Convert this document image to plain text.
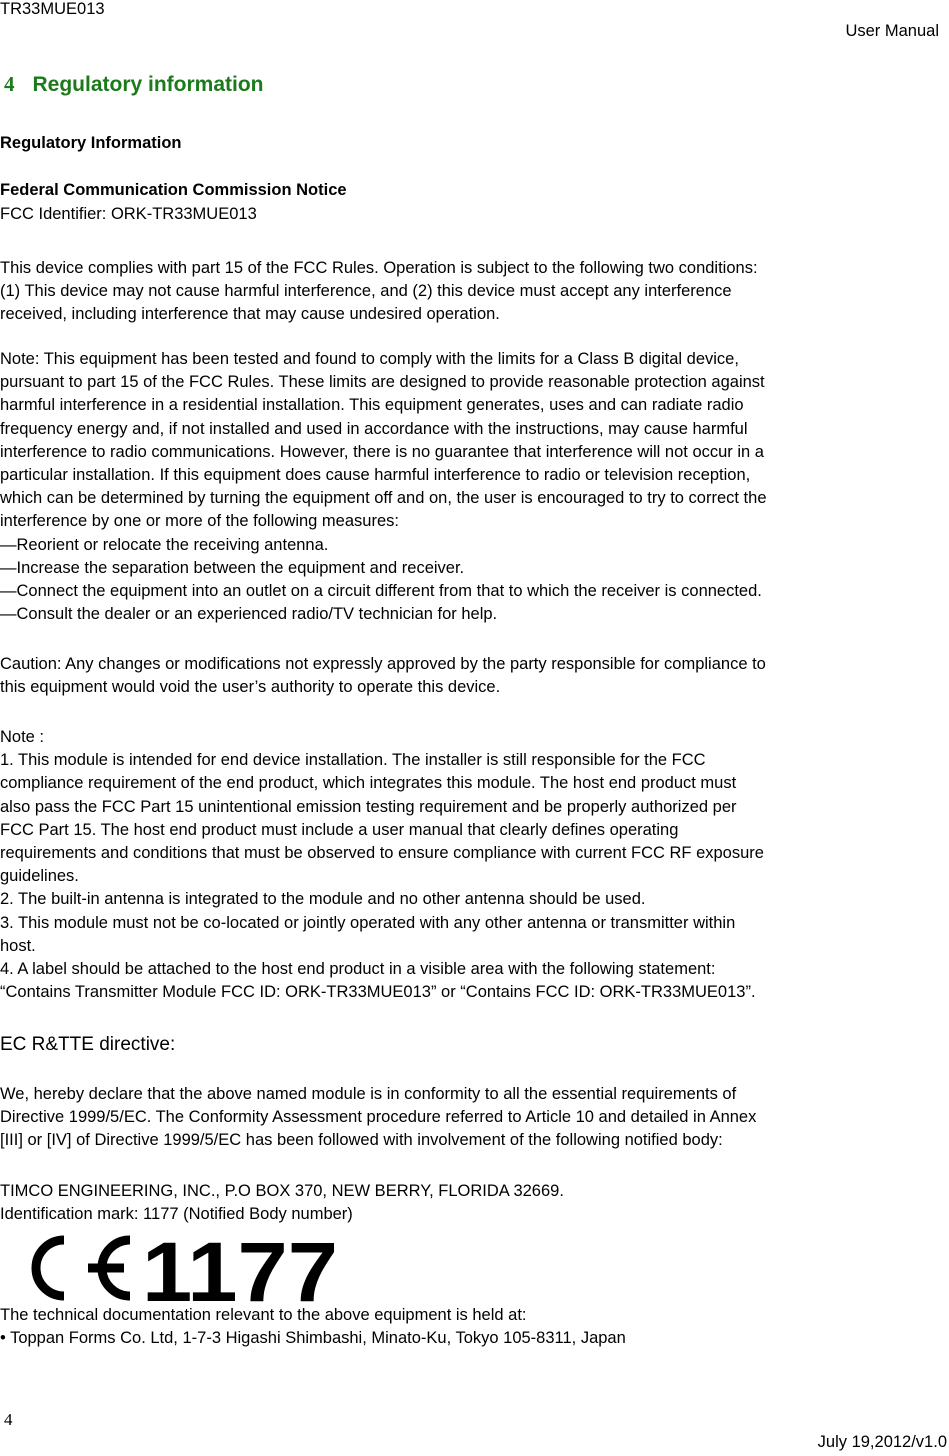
TR33MUE013
User Manual
4 Regulatory information
Regulatory Information
Federal Communication Commission Notice
FCC Identifier: ORK-TR33MUE013
This device complies with part 15 of the FCC Rules. Operation is subject to the following two conditions:
(1) This device may not cause harmful interference, and (2) this device must accept any interference
received, including interference that may cause undesired operation.
Note: This equipment has been tested and found to comply with the limits for a Class B digital device,
pursuant to part 15 of the FCC Rules. These limits are designed to provide reasonable protection against
harmful interference in a residential installation. This equipment generates, uses and can radiate radio
frequency energy and, if not installed and used in accordance with the instructions, may cause harmful
interference to radio communications. However, there is no guarantee that interference will not occur in a
particular installation. If this equipment does cause harmful interference to radio or television reception,
which can be determined by turning the equipment off and on, the user is encouraged to try to correct the
interference by one or more of the following measures:
—Reorient or relocate the receiving antenna.
—Increase the separation between the equipment and receiver.
—Connect the equipment into an outlet on a circuit different from that to which the receiver is connected.
—Consult the dealer or an experienced radio/TV technician for help.
Caution: Any changes or modifications not expressly approved by the party responsible for compliance to
this equipment would void the user’s authority to operate this device.
Note :
1. This module is intended for end device installation. The installer is still responsible for the FCC
compliance requirement of the end product, which integrates this module. The host end product must
also pass the FCC Part 15 unintentional emission testing requirement and be properly authorized per
FCC Part 15. The host end product must include a user manual that clearly defines operating
requirements and conditions that must be observed to ensure compliance with current FCC RF exposure
guidelines.
2. The built-in antenna is integrated to the module and no other antenna should be used.
3. This module must not be co-located or jointly operated with any other antenna or transmitter within
host.
4. A label should be attached to the host end product in a visible area with the following statement:
“Contains Transmitter Module FCC ID: ORK-TR33MUE013” or “Contains FCC ID: ORK-TR33MUE013”.
EC R&TTE directive:
We, hereby declare that the above named module is in conformity to all the essential requirements of
Directive 1999/5/EC. The Conformity Assessment procedure referred to Article 10 and detailed in Annex
[III] or [IV] of Directive 1999/5/EC has been followed with involvement of the following notified body:
TIMCO ENGINEERING, INC., P.O BOX 370, NEW BERRY, FLORIDA 32669.
Identification mark: 1177 (Notified Body number)
1177
The technical documentation relevant to the above equipment is held at:
• Toppan Forms Co. Ltd, 1-7-3 Higashi Shimbashi, Minato-Ku, Tokyo 105-8311, Japan
4
July 19,2012/v1.0
